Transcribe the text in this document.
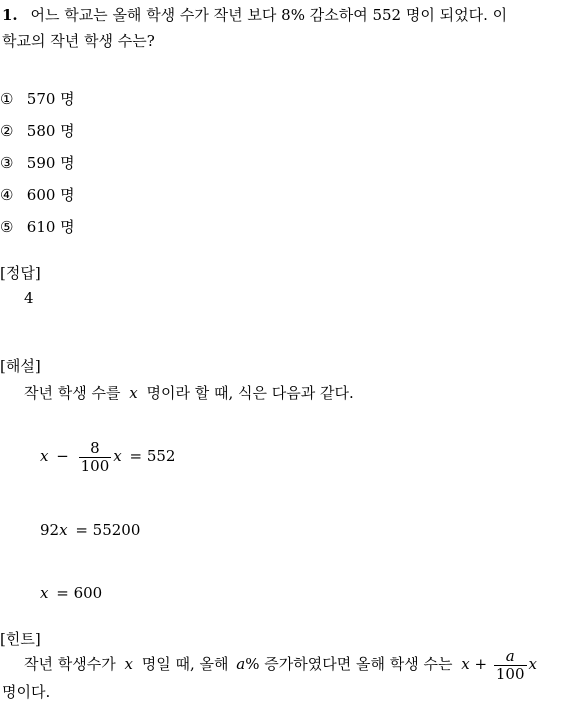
1. 어느 학교는 올해 학생 수가 작년 보다 8% 감소하여 552 명이 되었다. 이
학교의 작년 학생 수는?
① 570 명
② 580 명
③ 590 명
④ 600 명
⑤ 610 명
[정답]
4
[해설]
작년 학생 수를 x 명이라 할 때, 식은 다음과 같다.
$x - \frac{8}{100}$ x = 552
92x = 55200
x = 600
[힌트]
작년 학생수가 x 명일 때, 올해 a% 증가하였다면 올해 학생 수는 $x + \frac{a}{100}$ x
명이다.
